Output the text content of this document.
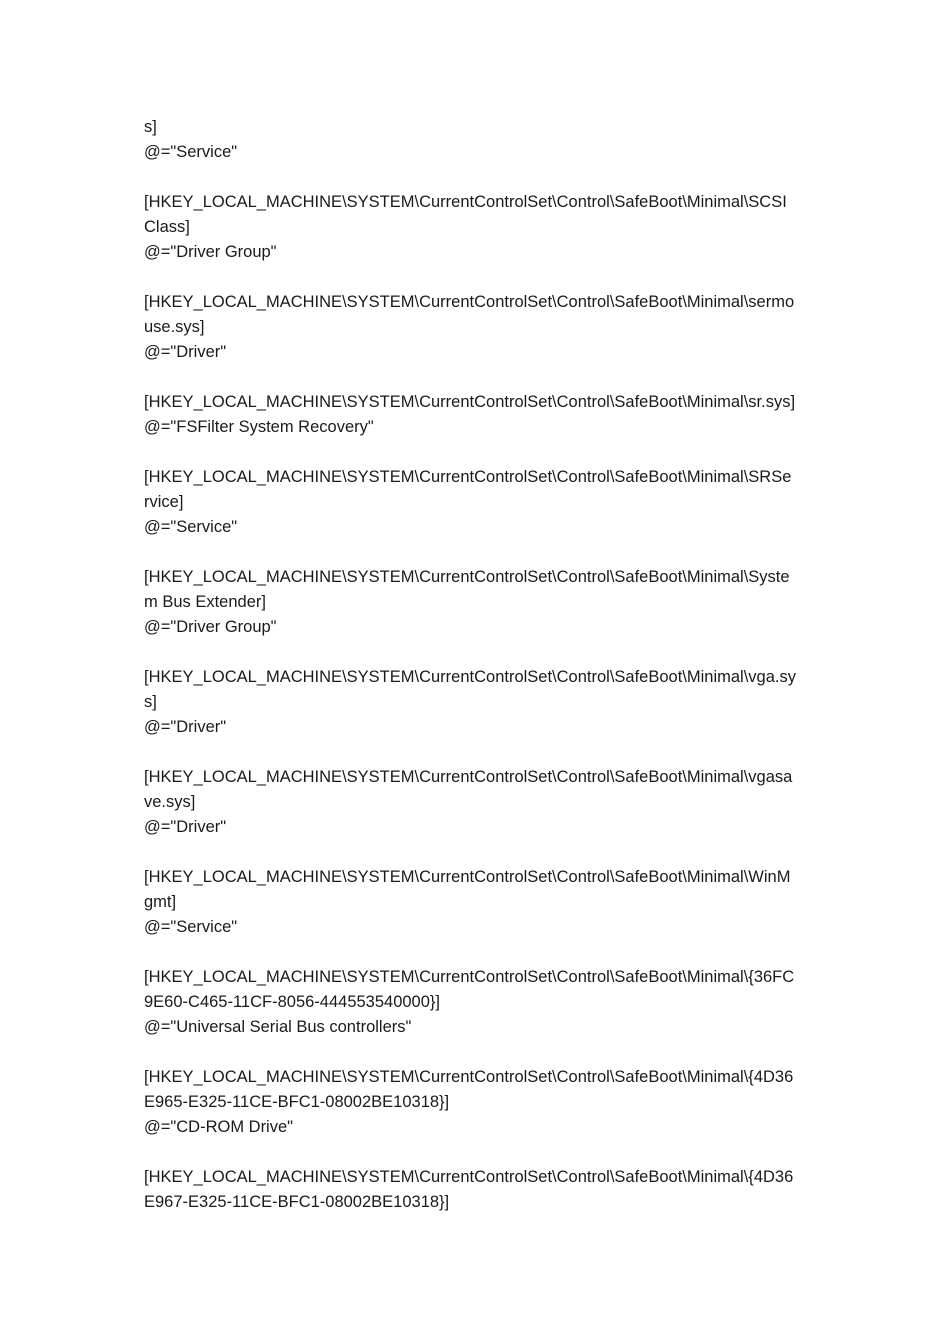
s]
@="Service"
[HKEY_LOCAL_MACHINE\SYSTEM\CurrentControlSet\Control\SafeBoot\Minimal\SCSI
Class]
@="Driver Group"
[HKEY_LOCAL_MACHINE\SYSTEM\CurrentControlSet\Control\SafeBoot\Minimal\sermo
use.sys]
@="Driver"
[HKEY_LOCAL_MACHINE\SYSTEM\CurrentControlSet\Control\SafeBoot\Minimal\sr.sys]
@="FSFilter System Recovery"
[HKEY_LOCAL_MACHINE\SYSTEM\CurrentControlSet\Control\SafeBoot\Minimal\SRSe
rvice]
@="Service"
[HKEY_LOCAL_MACHINE\SYSTEM\CurrentControlSet\Control\SafeBoot\Minimal\Syste
m Bus Extender]
@="Driver Group"
[HKEY_LOCAL_MACHINE\SYSTEM\CurrentControlSet\Control\SafeBoot\Minimal\vga.sy
s]
@="Driver"
[HKEY_LOCAL_MACHINE\SYSTEM\CurrentControlSet\Control\SafeBoot\Minimal\vgasa
ve.sys]
@="Driver"
[HKEY_LOCAL_MACHINE\SYSTEM\CurrentControlSet\Control\SafeBoot\Minimal\WinM
gmt]
@="Service"
[HKEY_LOCAL_MACHINE\SYSTEM\CurrentControlSet\Control\SafeBoot\Minimal\{36FC
9E60-C465-11CF-8056-444553540000}]
@="Universal Serial Bus controllers"
[HKEY_LOCAL_MACHINE\SYSTEM\CurrentControlSet\Control\SafeBoot\Minimal\{4D36
E965-E325-11CE-BFC1-08002BE10318}]
@="CD-ROM Drive"
[HKEY_LOCAL_MACHINE\SYSTEM\CurrentControlSet\Control\SafeBoot\Minimal\{4D36
E967-E325-11CE-BFC1-08002BE10318}]
